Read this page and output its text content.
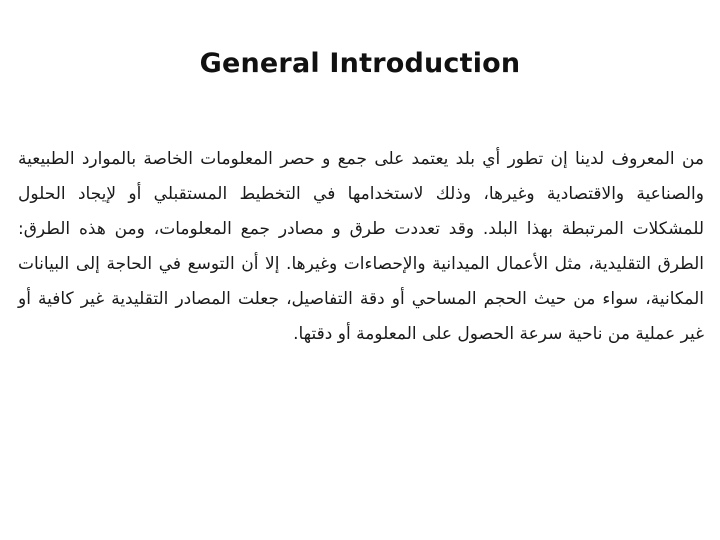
General Introduction

من المعروف لدينا إن تطور أي بلد يعتمد على جمع و حصر المعلومات الخاصة بالموارد الطبيعية والصناعية والاقتصادية وغيرها، وذلك لاستخدامها في التخطيط المستقبلي أو لإيجاد الحلول للمشكلات المرتبطة بهذا البلد. وقد تعددت طرق و مصادر جمع المعلومات، ومن هذه الطرق: الطرق التقليدية، مثل الأعمال الميدانية والإحصاءات وغيرها. إلا أن التوسع في الحاجة إلى البيانات المكانية، سواء من حيث الحجم المساحي أو دقة التفاصيل، جعلت المصادر التقليدية غير كافية أو غير عملية من ناحية سرعة الحصول على المعلومة أو دقتها.
